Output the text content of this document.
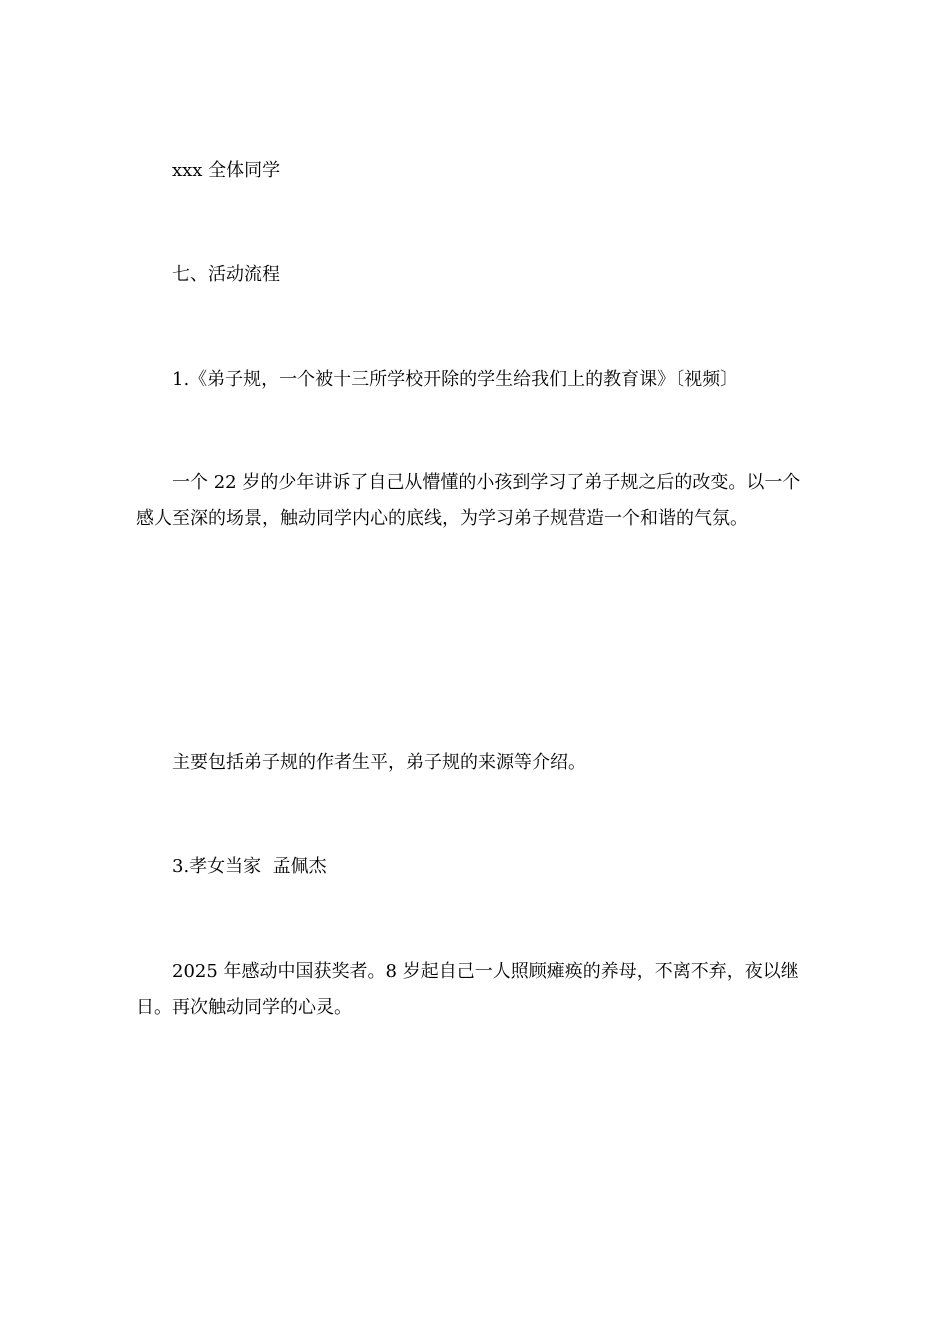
xxx 全体同学

七、活动流程

1.《弟子规，一个被十三所学校开除的学生给我们上的教育课》〔视频〕

一个 22 岁的少年讲诉了自己从懵懂的小孩到学习了弟子规之后的改变。以一个感人至深的场景，触动同学内心的底线，为学习弟子规营造一个和谐的气氛。

主要包括弟子规的作者生平，弟子规的来源等介绍。

3.孝女当家  孟佩杰

2025 年感动中国获奖者。8 岁起自己一人照顾瘫痪的养母，不离不弃，夜以继日。再次触动同学的心灵。
